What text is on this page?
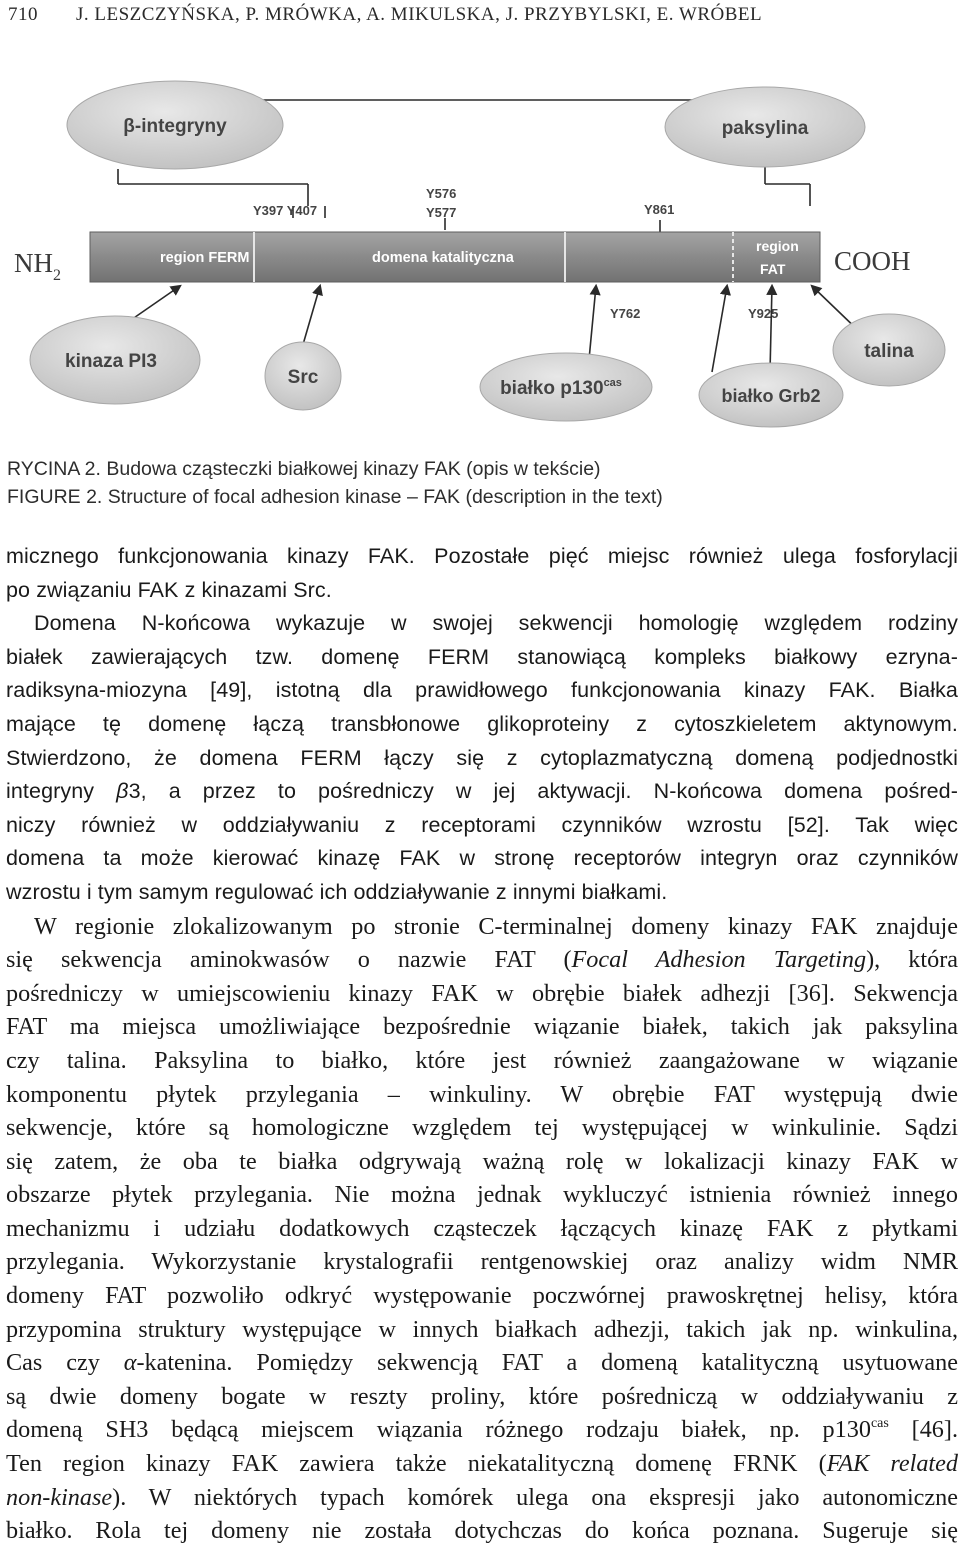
710 J. LESZCZYŃSKA, P. MRÓWKA, A. MIKULSKA, J. PRZYBYLSKI, E. WRÓBEL
region FERM	domena katalityczna
region
FAT
$NH_2$	COOH
Y397 Y407
Y576
Y577	Y861
Y762	Y925
β-integryny	paksylina
kinaza PI3
Src
białko $p130^{cas}$
białko Grb2
talina
RYCINA 2. Budowa cząsteczki białkowej kinazy FAK (opis w tekście)
FIGURE 2. Structure of focal adhesion kinase – FAK (description in the text)
micznego funkcjonowania kinazy FAK. Pozostałe pięć miejsc również ulega fosforylacji
po związaniu FAK z kinazami Src.
Domena N-końcowa wykazuje w swojej sekwencji homologię względem rodziny
białek zawierających tzw. domenę FERM stanowiącą kompleks białkowy ezryna-
radiksyna-miozyna [49], istotną dla prawidłowego funkcjonowania kinazy FAK. Białka
mające tę domenę łączą transbłonowe glikoproteiny z cytoszkieletem aktynowym.
Stwierdzono, że domena FERM łączy się z cytoplazmatyczną domeną podjednostki
integryny β3, a przez to pośredniczy w jej aktywacji. N-końcowa domena pośred-
niczy również w oddziaływaniu z receptorami czynników wzrostu [52]. Tak więc
domena ta może kierować kinazę FAK w stronę receptorów integryn oraz czynników
wzrostu i tym samym regulować ich oddziaływanie z innymi białkami.
W regionie zlokalizowanym po stronie C-terminalnej domeny kinazy FAK znajduje
się sekwencja aminokwasów o nazwie FAT (Focal Adhesion Targeting), która
pośredniczy w umiejscowieniu kinazy FAK w obrębie białek adhezji [36]. Sekwencja
FAT ma miejsca umożliwiające bezpośrednie wiązanie białek, takich jak paksylina
czy talina. Paksylina to białko, które jest również zaangażowane w wiązanie
komponentu płytek przylegania – winkuliny. W obrębie FAT występują dwie
sekwencje, które są homologiczne względem tej występującej w winkulinie. Sądzi
się zatem, że oba te białka odgrywają ważną rolę w lokalizacji kinazy FAK w
obszarze płytek przylegania. Nie można jednak wykluczyć istnienia również innego
mechanizmu i udziału dodatkowych cząsteczek łączących kinazę FAK z płytkami
przylegania. Wykorzystanie krystalografii rentgenowskiej oraz analizy widm NMR
domeny FAT pozwoliło odkryć występowanie poczwórnej prawoskrętnej helisy, która
przypomina struktury występujące w innych białkach adhezji, takich jak np. winkulina,
Cas czy α-katenina. Pomiędzy sekwencją FAT a domeną katalityczną usytuowane
są dwie domeny bogate w reszty proliny, które pośredniczą w oddziaływaniu z
domeną SH3 będącą miejscem wiązania różnego rodzaju białek, np. $p130^{cas}$ [46].
Ten region kinazy FAK zawiera także niekatalityczną domenę FRNK (FAK related
non-kinase). W niektórych typach komórek ulega ona ekspresji jako autonomiczne
białko. Rola tej domeny nie została dotychczas do końca poznana. Sugeruje się
